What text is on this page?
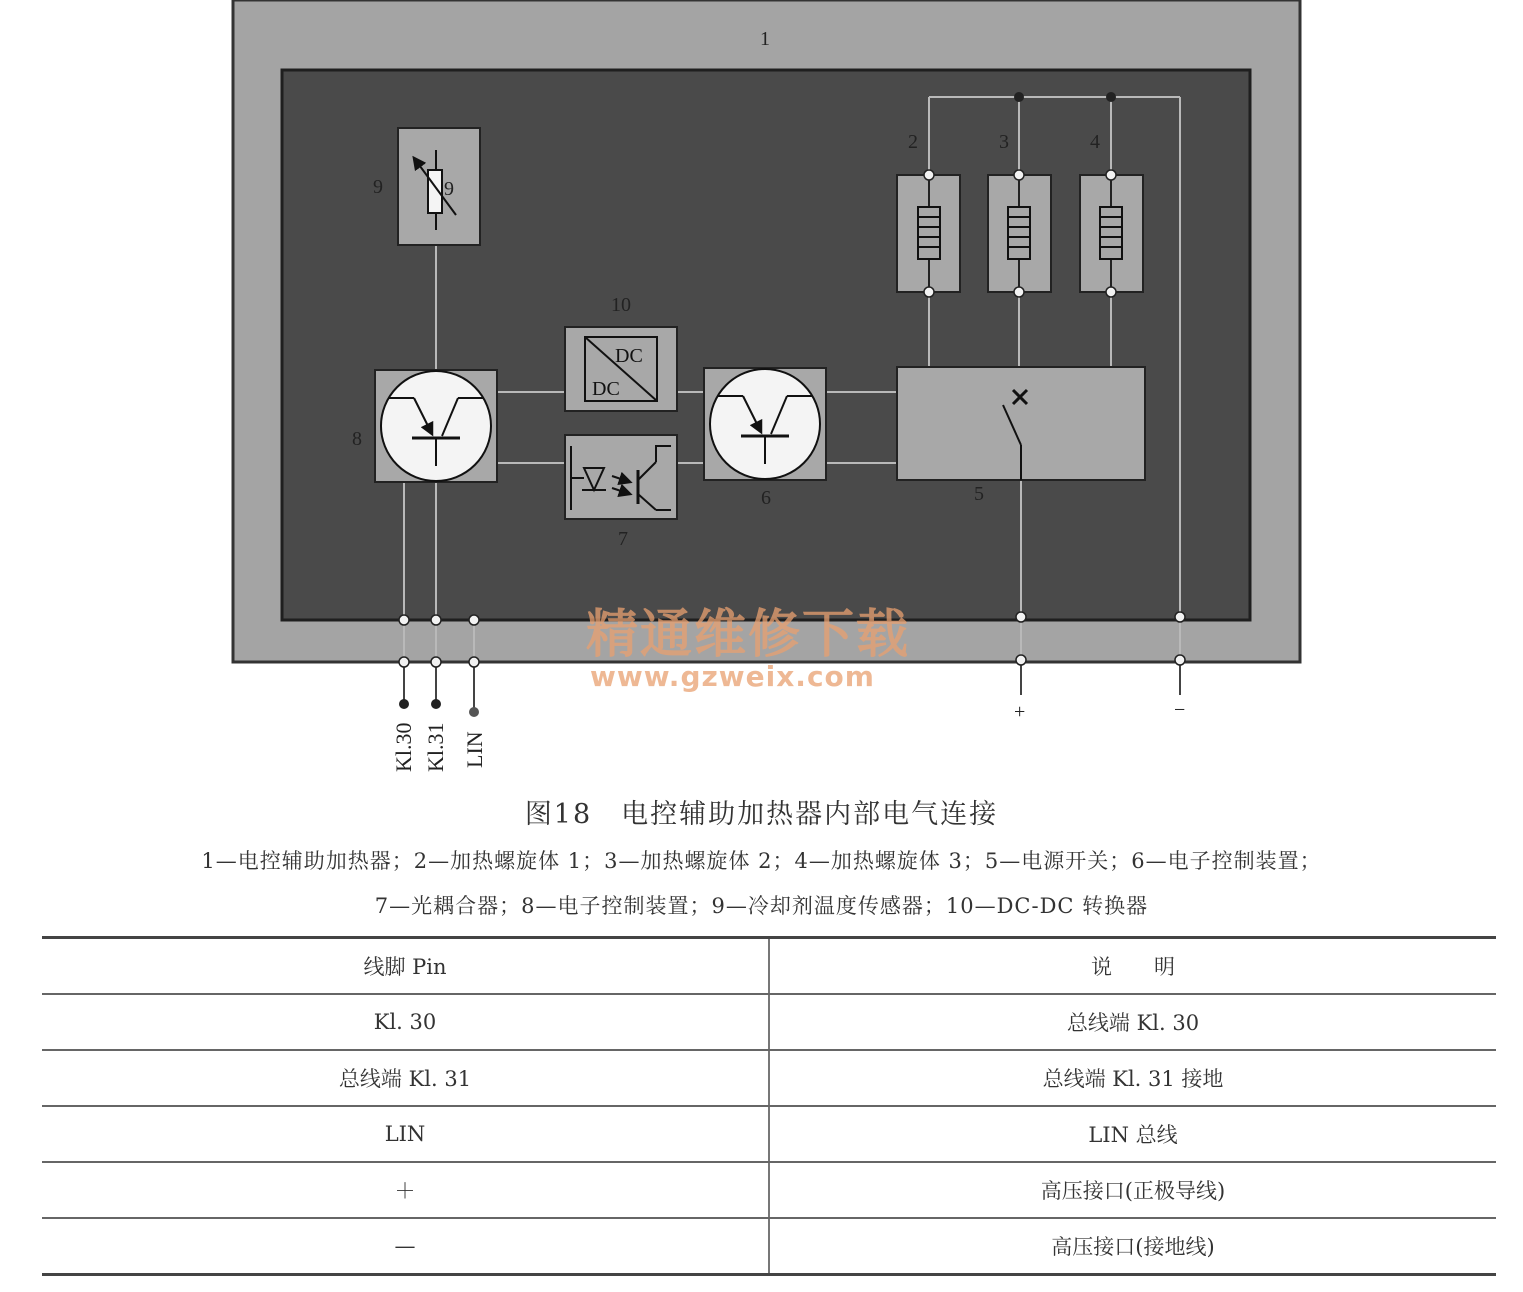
DC
DC
1
2	3	4
5
6
7
8
9	9
10
Kl.30 Kl.31 LIN
+	−
精通维修下载
www.gzweix.com
图18　电控辅助加热器内部电气连接
1—电控辅助加热器；2—加热螺旋体 1；3—加热螺旋体 2；4—加热螺旋体 3；5—电源开关；6—电子控制装置；
7—光耦合器；8—电子控制装置；9—冷却剂温度传感器；10—DC-DC 转换器
线脚 Pin	说　　明
Kl. 30	总线端 Kl. 30
总线端 Kl. 31	总线端 Kl. 31 接地
LIN	LIN 总线
＋	高压接口(正极导线)
—	高压接口(接地线)
